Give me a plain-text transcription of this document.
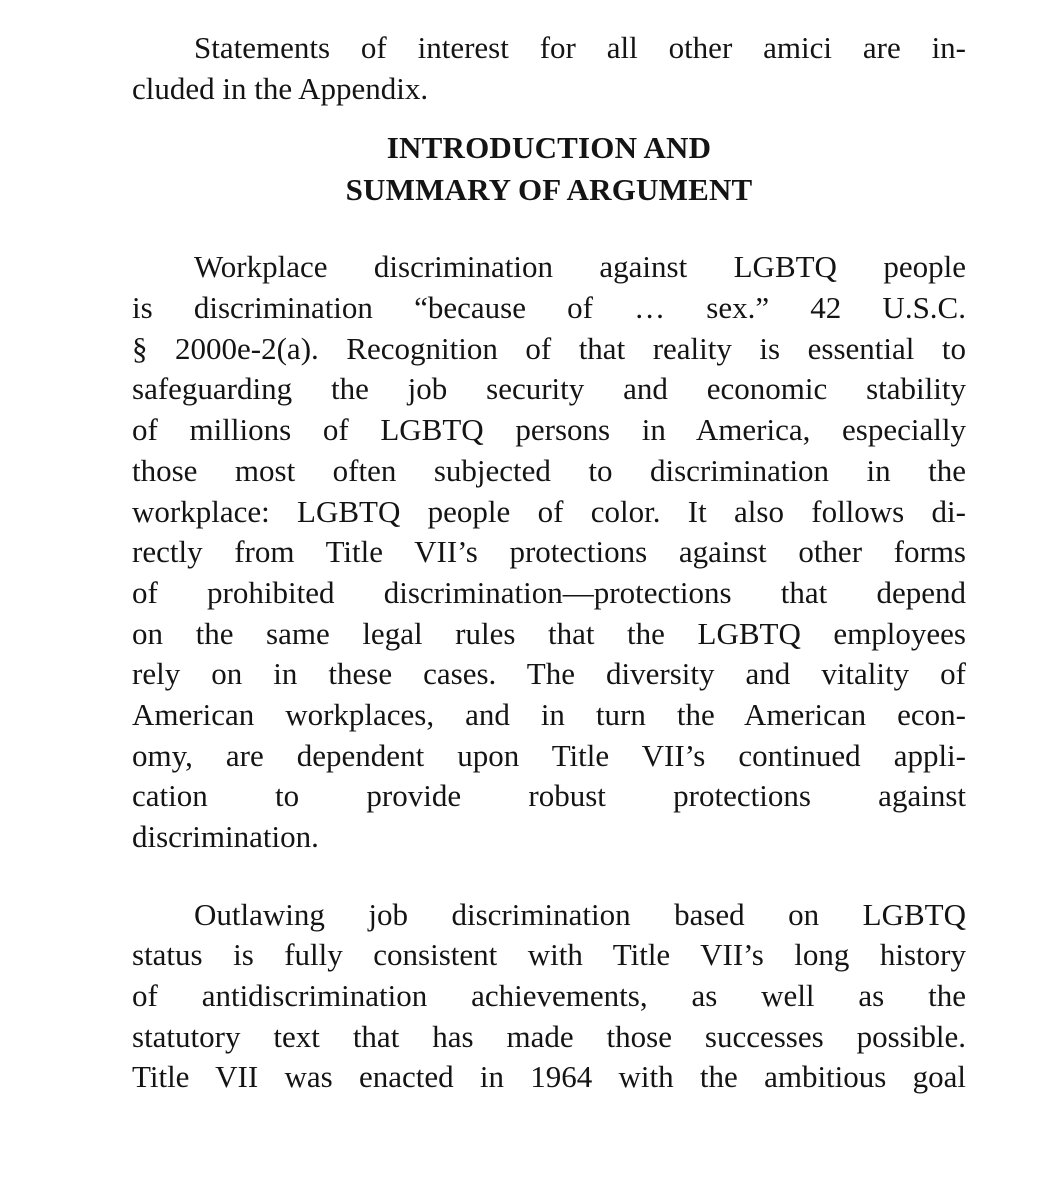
Statements of interest for all other amici are in-
cluded in the Appendix.
INTRODUCTION AND
SUMMARY OF ARGUMENT
Workplace discrimination against LGBTQ people
is discrimination “because of … sex.” 42 U.S.C.
§ 2000e-2(a). Recognition of that reality is essential to
safeguarding the job security and economic stability
of millions of LGBTQ persons in America, especially
those most often subjected to discrimination in the
workplace: LGBTQ people of color. It also follows di-
rectly from Title VII’s protections against other forms
of prohibited discrimination—protections that depend
on the same legal rules that the LGBTQ employees
rely on in these cases. The diversity and vitality of
American workplaces, and in turn the American econ-
omy, are dependent upon Title VII’s continued appli-
cation to provide robust protections against
discrimination.
Outlawing job discrimination based on LGBTQ
status is fully consistent with Title VII’s long history
of antidiscrimination achievements, as well as the
statutory text that has made those successes possible.
Title VII was enacted in 1964 with the ambitious goal
